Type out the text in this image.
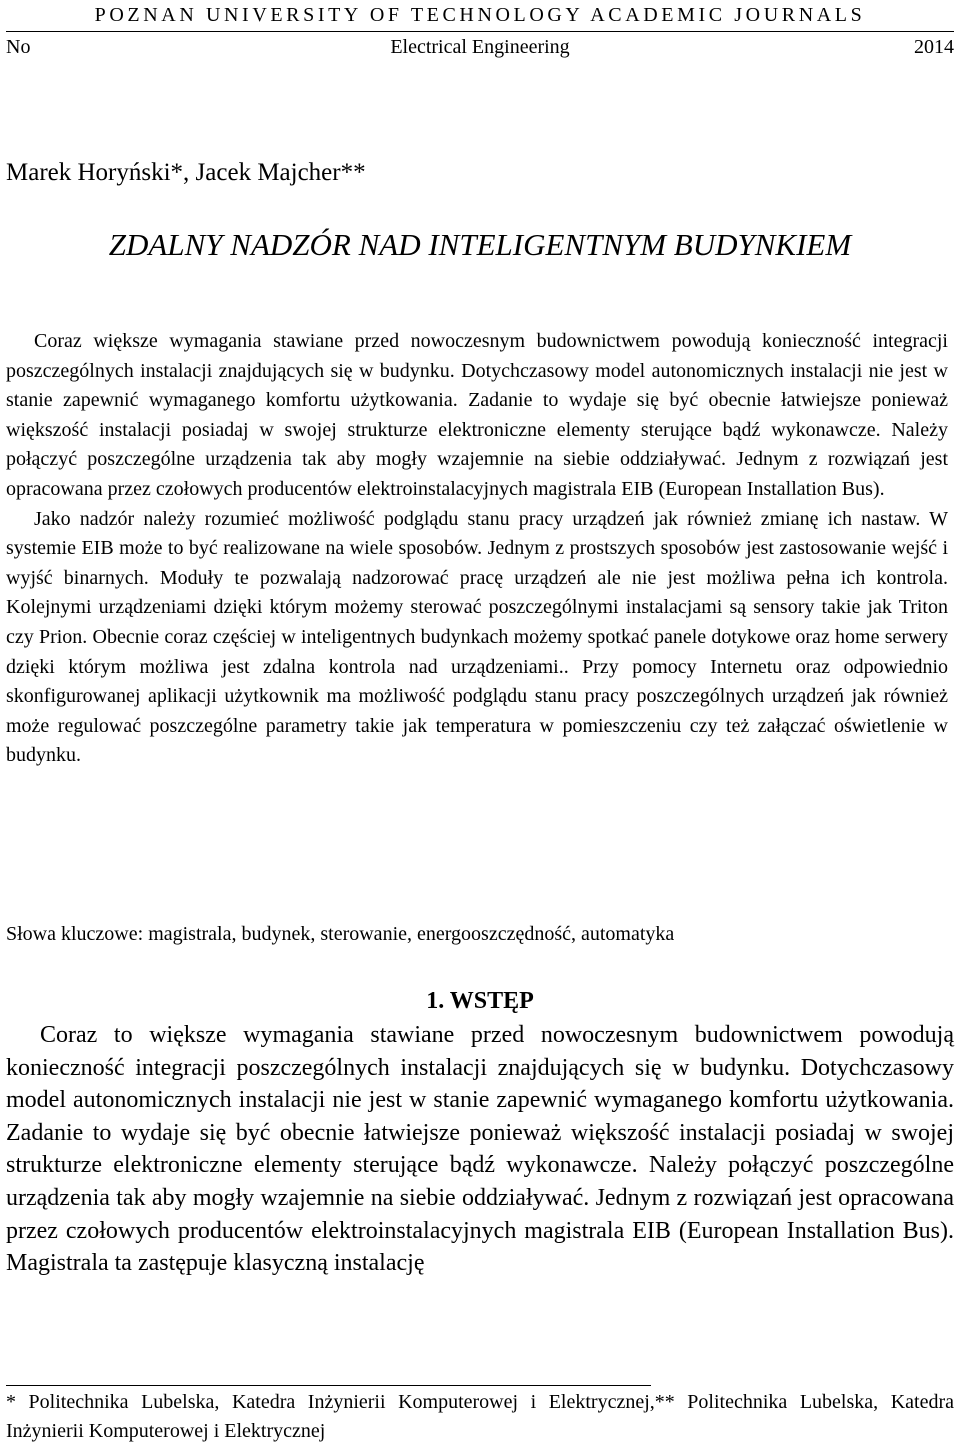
POZNAN UNIVERSITY OF TECHNOLOGY ACADEMIC JOURNALS
No	Electrical Engineering	2014
Marek Horyński*, Jacek Majcher**
ZDALNY NADZÓR NAD INTELIGENTNYM BUDYNKIEM

Coraz większe wymagania stawiane przed nowoczesnym budownictwem powodują konieczność integracji poszczególnych instalacji znajdujących się w budynku. Dotychczasowy model autonomicznych instalacji nie jest w stanie zapewnić wymaganego komfortu użytkowania. Zadanie to wydaje się być obecnie łatwiejsze ponieważ większość instalacji posiadaj w swojej strukturze elektroniczne elementy sterujące bądź wykonawcze. Należy połączyć poszczególne urządzenia tak aby mogły wzajemnie na siebie oddziaływać. Jednym z rozwiązań jest opracowana przez czołowych producentów elektroinstalacyjnych magistrala EIB (European Installation Bus).

Jako nadzór należy rozumieć możliwość podglądu stanu pracy urządzeń jak również zmianę ich nastaw. W systemie EIB może to być realizowane na wiele sposobów. Jednym z prostszych sposobów jest zastosowanie wejść i wyjść binarnych. Moduły te pozwalają nadzorować pracę urządzeń ale nie jest możliwa pełna ich kontrola. Kolejnymi urządzeniami dzięki którym możemy sterować poszczególnymi instalacjami są sensory takie jak Triton czy Prion. Obecnie coraz częściej w inteligentnych budynkach możemy spotkać panele dotykowe oraz home serwery dzięki którym możliwa jest zdalna kontrola nad urządzeniami.. Przy pomocy Internetu oraz odpowiednio skonfigurowanej aplikacji użytkownik ma możliwość podglądu stanu pracy poszczególnych urządzeń jak również może regulować poszczególne parametry takie jak temperatura w pomieszczeniu czy też załączać oświetlenie w budynku.

Słowa kluczowe: magistrala, budynek, sterowanie, energooszczędność, automatyka
1. WSTĘP

Coraz to większe wymagania stawiane przed nowoczesnym budownictwem powodują konieczność integracji poszczególnych instalacji znajdujących się w budynku. Dotychczasowy model autonomicznych instalacji nie jest w stanie zapewnić wymaganego komfortu użytkowania. Zadanie to wydaje się być obecnie łatwiejsze ponieważ większość instalacji posiadaj w swojej strukturze elektroniczne elementy sterujące bądź wykonawcze. Należy połączyć poszczególne urządzenia tak aby mogły wzajemnie na siebie oddziaływać. Jednym z rozwiązań jest opracowana przez czołowych producentów elektroinstalacyjnych magistrala EIB (European Installation Bus). Magistrala ta zastępuje klasyczną instalację

* Politechnika Lubelska, Katedra Inżynierii Komputerowej i Elektrycznej,** Politechnika Lubelska, Katedra Inżynierii Komputerowej i Elektrycznej
